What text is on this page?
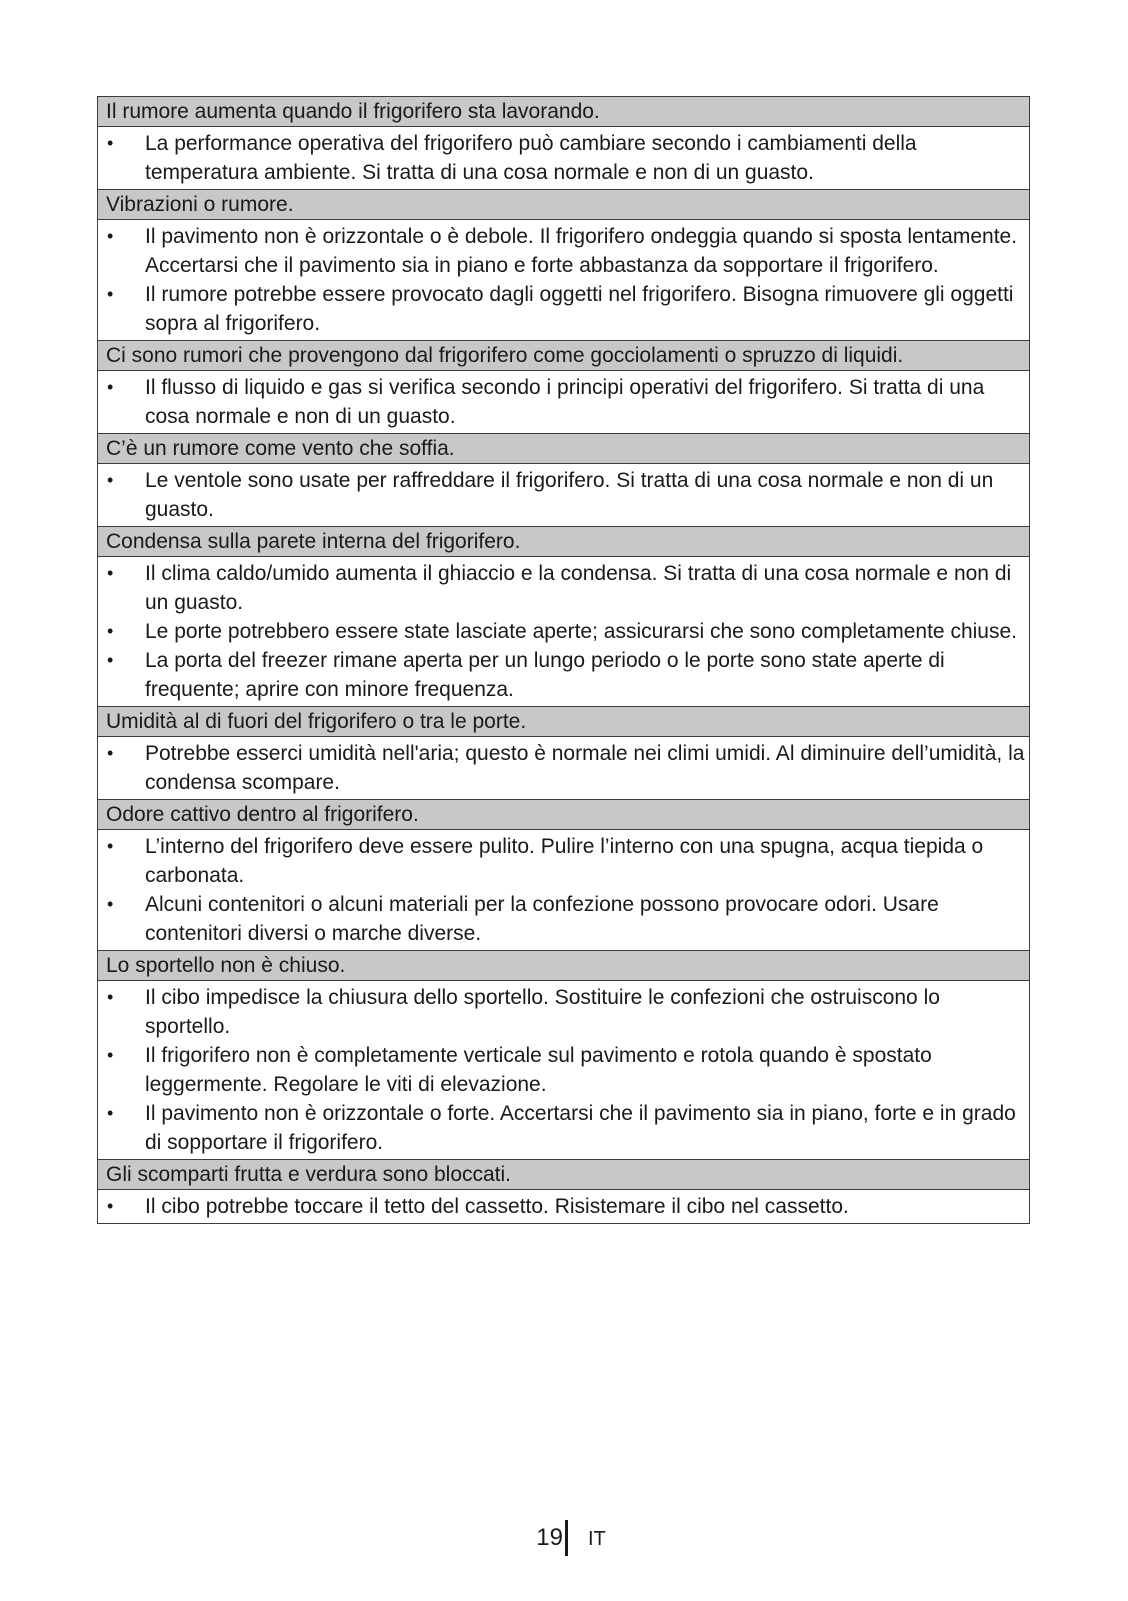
Il rumore aumenta quando il frigorifero sta lavorando.
• La performance operativa del frigorifero può cambiare secondo i cambiamenti della temperatura ambiente. Si tratta di una cosa normale e non di un guasto.
Vibrazioni o rumore.
• Il pavimento non è orizzontale o è debole. Il frigorifero ondeggia quando si sposta lentamente. Accertarsi che il pavimento sia in piano e forte abbastanza da sopportare il frigorifero.
• Il rumore potrebbe essere provocato dagli oggetti nel frigorifero. Bisogna rimuovere gli oggetti sopra al frigorifero.
Ci sono rumori che provengono dal frigorifero come gocciolamenti o spruzzo di liquidi.
• Il flusso di liquido e gas si verifica secondo i principi operativi del frigorifero. Si tratta di una cosa normale e non di un guasto.
C’è un rumore come vento che soffia.
• Le ventole sono usate per raffreddare il frigorifero. Si tratta di una cosa normale e non di un guasto.
Condensa sulla parete interna del frigorifero.
• Il clima caldo/umido aumenta il ghiaccio e la condensa. Si tratta di una cosa normale e non di un guasto.
• Le porte potrebbero essere state lasciate aperte; assicurarsi che sono completamente chiuse.
• La porta del freezer rimane aperta per un lungo periodo o le porte sono state aperte di frequente; aprire con minore frequenza.
Umidità al di fuori del frigorifero o tra le porte.
• Potrebbe esserci umidità nell'aria; questo è normale nei climi umidi. Al diminuire dell’umidità, la condensa scompare.
Odore cattivo dentro al frigorifero.
• L’interno del frigorifero deve essere pulito. Pulire l’interno con una spugna, acqua tiepida o carbonata.
• Alcuni contenitori o alcuni materiali per la confezione possono provocare odori. Usare contenitori diversi o marche diverse.
Lo sportello non è chiuso.
• Il cibo impedisce la chiusura dello sportello. Sostituire le confezioni che ostruiscono lo sportello.
• Il frigorifero non è completamente verticale sul pavimento e rotola quando è spostato leggermente. Regolare le viti di elevazione.
• Il pavimento non è orizzontale o forte. Accertarsi che il pavimento sia in piano, forte e in grado di sopportare il frigorifero.
Gli scomparti frutta e verdura sono bloccati.
• Il cibo potrebbe toccare il tetto del cassetto. Risistemare il cibo nel cassetto.
19 IT
